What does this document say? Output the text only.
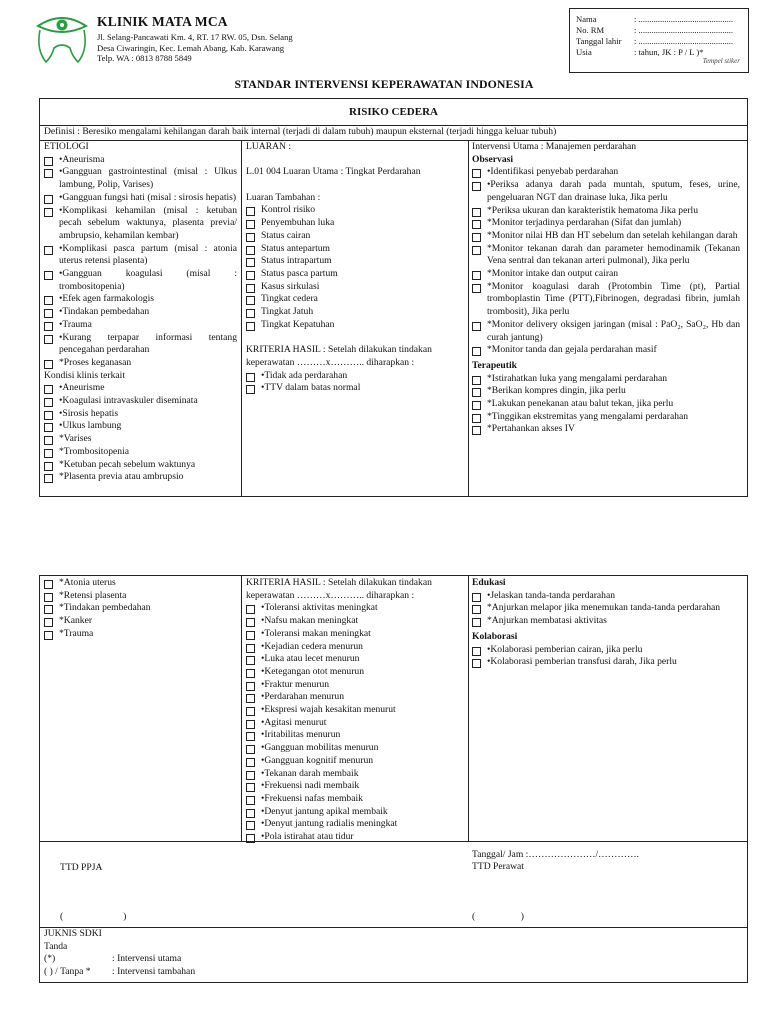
KLINIK MATA MCA
Jl. Selang-Pancawati Km. 4, RT. 17 RW. 05, Dsn. Selang
Desa Ciwaringin, Kec. Lemah Abang, Kab. Karawang
Telp. WA : 0813 8788 5849
Nama	: ............................................
No. RM	: ............................................
Tanggal lahir : ............................................
Usia	: tahun, JK : P / L )*
Tempel stiker
STANDAR INTERVENSI KEPERAWATAN INDONESIA
RISIKO CEDERA
Definisi : Beresiko mengalami kehilangan darah baik internal (terjadi di dalam tubuh) maupun eksternal (terjadi hingga keluar tubuh)
ETIOLOGI
•Aneurisma
•Gangguan gastrointestinal (misal : Ulkus lambung, Polip, Varises)
•Gangguan fungsi hati (misal : sirosis hepatis)
•Komplikasi kehamilan (misal : ketuban pecah sebelum waktunya, plasenta previa/ ambrupsio, kehamilan kembar)
•Komplikasi pasca partum (misal : atonia uterus retensi plasenta)
•Gangguan koagulasi (misal : trombositopenia)
•Efek agen farmakologis
•Tindakan pembedahan
•Trauma
•Kurang terpapar informasi tentang pencegahan perdarahan
*Proses keganasan
Kondisi klinis terkait
•Aneurisme
•Koagulasi intravaskuler diseminata
•Sirosis hepatis
•Ulkus lambung
*Varises
*Trombositopenia
*Ketuban pecah sebelum waktunya
*Plasenta previa atau ambrupsio
LUARAN :
L.01 004 Luaran Utama : Tingkat Perdarahan
Luaran Tambahan :
Kontrol risiko
Penyembuhan luka
Status cairan
Status antepartum
Status intrapartum
Status pasca partum
Kasus sirkulasi
Tingkat cedera
Tingkat Jatuh
Tingkat Kepatuhan
KRITERIA HASIL : Setelah dilakukan tindakan keperawatan ………x……….. diharapkan :
•Tidak ada perdarahan
•TTV dalam batas normal
Intervensi Utama : Manajemen perdarahan
Observasi
•Identifikasi penyebab perdarahan
•Periksa adanya darah pada muntah, sputum, feses, urine, pengeluaran NGT dan drainase luka, Jika perlu
*Periksa ukuran dan karakteristik hematoma Jika perlu
*Monitor terjadinya perdarahan (Sifat dan jumlah)
*Monitor nilai HB dan HT sebelum dan setelah kehilangan darah
*Monitor tekanan darah dan parameter hemodinamik (Tekanan Vena sentral dan tekanan arteri pulmonal), Jika perlu
*Monitor intake dan output cairan
*Monitor koagulasi darah (Protombin Time (pt), Partial tromboplastin Time (PTT),Fibrinogen, degradasi fibrin, jumlah trombosit), Jika perlu
*Monitor delivery oksigen jaringan (misal : PaO₂, SaO₂, Hb dan curah jantung)
*Monitor tanda dan gejala perdarahan masif
Terapeutik
*Istirahatkan luka yang mengalami perdarahan
*Berikan kompres dingin, jika perlu
*Lakukan penekanan atau balut tekan, jika perlu
*Tinggikan ekstremitas yang mengalami perdarahan
*Pertahankan akses IV
*Atonia uterus
*Retensi plasenta
*Tindakan pembedahan
*Kanker
*Trauma
KRITERIA HASIL : Setelah dilakukan tindakan keperawatan ………x……….. diharapkan :
•Toleransi aktivitas meningkat
•Nafsu makan meningkat
•Toleransi makan meningkat
•Kejadian cedera menurun
•Luka atau lecet menurun
•Ketegangan otot menurun
•Fraktur menurun
•Perdarahan menurun
•Ekspresi wajah kesakitan menurut
•Agitasi menurut
•Iritabilitas menurun
•Gangguan mobilitas menurun
•Gangguan kognitif menurun
•Tekanan darah membaik
•Frekuensi nadi membaik
•Frekuensi nafas membaik
•Denyut jantung apikal membaik
•Denyut jantung radialis meningkat
•Pola istirahat atau tidur
Edukasi
•Jelaskan tanda-tanda perdarahan
*Anjurkan melapor jika menemukan tanda-tanda perdarahan
*Anjurkan membatasi aktivitas
Kolaborasi
•Kolaborasi pemberian cairan, jika perlu
•Kolaborasi pemberian transfusi darah, Jika perlu
TTD PPJA
Tanggal/ Jam :…………………/………….
TTD Perawat
(                         )	(                   )
JUKNIS SDKI
Tanda
(*)	: Intervensi utama
( ) / Tanpa * : Intervensi tambahan
